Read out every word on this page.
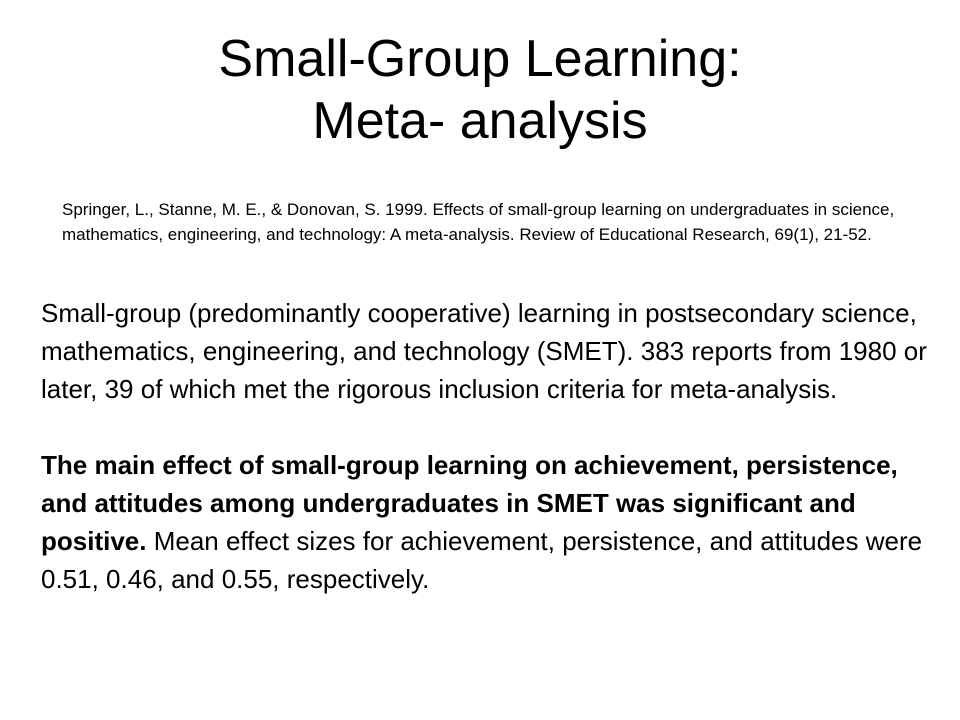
Small-Group Learning:
Meta- analysis

Springer, L., Stanne, M. E., & Donovan, S. 1999. Effects of small-group learning on undergraduates in science, mathematics, engineering, and technology: A meta-analysis. Review of Educational Research, 69(1), 21-52.

Small-group (predominantly cooperative) learning in postsecondary science, mathematics, engineering, and technology (SMET). 383 reports from 1980 or later, 39 of which met the rigorous inclusion criteria for meta-analysis.

The main effect of small-group learning on achievement, persistence, and attitudes among undergraduates in SMET was significant and positive. Mean effect sizes for achievement, persistence, and attitudes were 0.51, 0.46, and 0.55, respectively.
